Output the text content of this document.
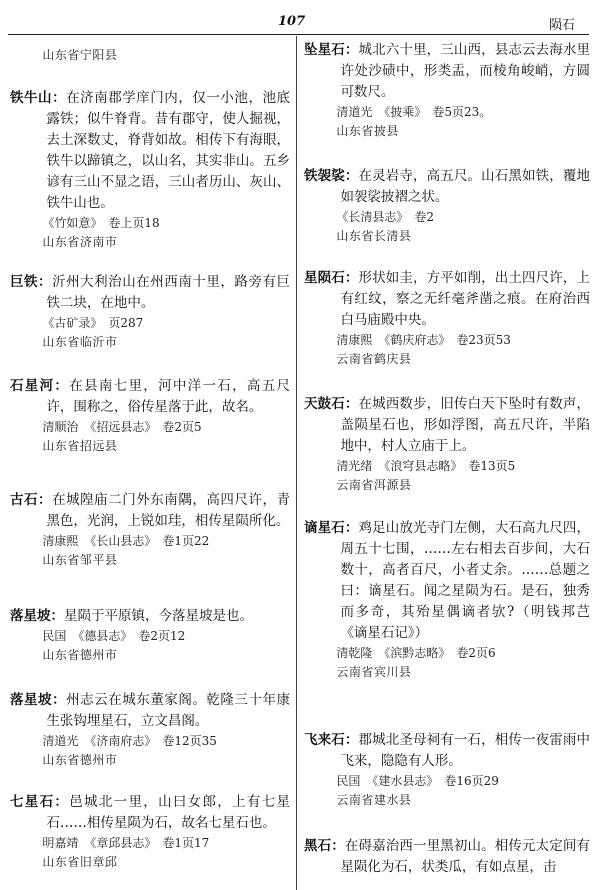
107	陨石
山东省宁阳县
铁牛山：在济南郡学庠门内，仅一小池，池底露铁；似牛脊背。昔有郡守，使人掘视，去土深数丈，脊背如故。相传下有海眼，铁牛以蹄镇之，以山名，其实非山。五乡谚有三山不显之语，三山者历山、灰山、铁牛山也。
《竹如意》　卷上页18
山东省济南市
巨铁：沂州大利治山在州西南十里，路旁有巨铁二块，在地中。
《古矿录》　页287
山东省临沂市
石星河：在县南七里，河中洋一石，高五尺许，围称之，俗传星落于此，故名。
清顺治　《招远县志》　卷2页5
山东省招远县
古石：在城隍庙二门外东南隅，高四尺许，青黑色，光润，上锐如珪，相传星陨所化。
清康熙　《长山县志》　卷1页22
山东省邹平县
落星坡：星陨于平原镇，今落星坡是也。
民国　《德县志》　卷2页12
山东省德州市
落星坡：州志云在城东董家阁。乾隆三十年康生张钩埋星石，立文昌阁。
清道光　《济南府志》　卷12页35
山东省德州市
七星石：邑城北一里，山曰女郎，上有七星石……相传星陨为石，故名七星石也。
明嘉靖　《章邱县志》　卷1页17
山东省旧章邱
坠星石：城北六十里，三山西，县志云去海水里许处沙碛中，形类盂，而棱角峻峭，方圆可数尺。
清道光　《披乘》　卷5页23。
山东省披县
铁袈裟：在灵岩寺，高五尺。山石黑如铁，覆地如袈裟披褶之状。
《长清县志》　卷2
山东省长清县
星陨石：形状如圭，方平如削，出土四尺许，上有红纹，察之无纤毫斧凿之痕。在府治西白马庙殿中央。
清康熙　《鹤庆府志》　卷23页53
云南省鹤庆县
天鼓石：在城西数步，旧传白天下坠时有数声，盖陨星石也，形如浮图，高五尺许，半陷地中，村人立庙于上。
清光绪　《浪穹县志略》　卷13页5
云南省洱源县
谪星石：鸡足山放光寺门左侧，大石高九尺四，周五十七围，……左右相去百步间，大石数十，高者百尺，小者丈余。……总题之曰：谪星石。闻之星陨为石。是石，独秀而多奇，其殆星偶谪者欤?（明钱邦芑《谪星石记》）
清乾隆　《滨黔志略》　卷2页6
云南省宾川县
飞来石：郡城北圣母祠有一石，相传一夜雷雨中飞来，隐隐有人形。
民国　《建水县志》　卷16页29
云南省建水县
黑石：在碍嘉治西一里黑初山。相传元太定间有星陨化为石，状类瓜，有如点星，击
